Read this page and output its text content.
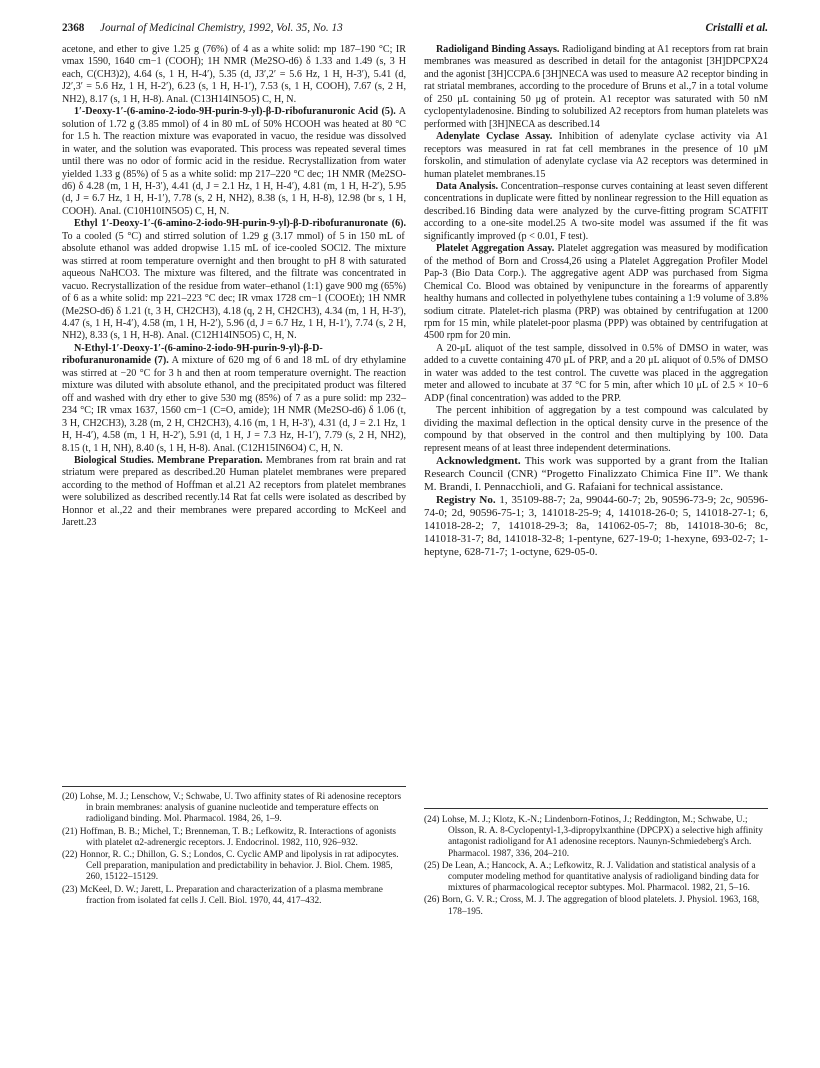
2368 Journal of Medicinal Chemistry, 1992, Vol. 35, No. 13	Cristalli et al.

acetone, and ether to give 1.25 g (76%) of 4 as a white solid: mp 187–190 °C; IR νmax 1590, 1640 cm−1 (COOH); 1H NMR (Me2SO-d6) δ 1.33 and 1.49 (s, 3 H each, C(CH3)2), 4.64 (s, 1 H, H-4′), 5.35 (d, J3′,2′ = 5.6 Hz, 1 H, H-3′), 5.41 (d, J2′,3′ = 5.6 Hz, 1 H, H-2′), 6.23 (s, 1 H, H-1′), 7.53 (s, 1 H, COOH), 7.67 (s, 2 H, NH2), 8.17 (s, 1 H, H-8). Anal. (C13H14IN5O5) C, H, N.

1′-Deoxy-1′-(6-amino-2-iodo-9H-purin-9-yl)-β-D-ribofuranuronic Acid (5). A solution of 1.72 g (3.85 mmol) of 4 in 80 mL of 50% HCOOH was heated at 80 °C for 1.5 h. The reaction mixture was evaporated in vacuo, the residue was dissolved in water, and the solution was evaporated. This process was repeated several times until there was no odor of formic acid in the residue. Recrystallization from water yielded 1.33 g (85%) of 5 as a white solid: mp 217–220 °C dec; 1H NMR (Me2SO-d6) δ 4.28 (m, 1 H, H-3′), 4.41 (d, J = 2.1 Hz, 1 H, H-4′), 4.81 (m, 1 H, H-2′), 5.95 (d, J = 6.7 Hz, 1 H, H-1′), 7.78 (s, 2 H, NH2), 8.38 (s, 1 H, H-8), 12.98 (br s, 1 H, COOH). Anal. (C10H10IN5O5) C, H, N.

Ethyl 1′-Deoxy-1′-(6-amino-2-iodo-9H-purin-9-yl)-β-D-ribofuranuronate (6). To a cooled (5 °C) and stirred solution of 1.29 g (3.17 mmol) of 5 in 150 mL of absolute ethanol was added dropwise 1.15 mL of ice-cooled SOCl2. The mixture was stirred at room temperature overnight and then brought to pH 8 with saturated aqueous NaHCO3. The mixture was filtered, and the filtrate was concentrated in vacuo. Recrystallization of the residue from water–ethanol (1:1) gave 900 mg (65%) of 6 as a white solid: mp 221–223 °C dec; IR νmax 1728 cm−1 (COOEt); 1H NMR (Me2SO-d6) δ 1.21 (t, 3 H, CH2CH3), 4.18 (q, 2 H, CH2CH3), 4.34 (m, 1 H, H-3′), 4.47 (s, 1 H, H-4′), 4.58 (m, 1 H, H-2′), 5.96 (d, J = 6.7 Hz, 1 H, H-1′), 7.74 (s, 2 H, NH2), 8.33 (s, 1 H, H-8). Anal. (C12H14IN5O5) C, H, N.

N-Ethyl-1′-Deoxy-1′-(6-amino-2-iodo-9H-purin-9-yl)-β-D-ribofuranuronamide (7). A mixture of 620 mg of 6 and 18 mL of dry ethylamine was stirred at −20 °C for 3 h and then at room temperature overnight. The reaction mixture was diluted with absolute ethanol, and the precipitated product was filtered off and washed with dry ether to give 530 mg (85%) of 7 as a pure solid: mp 232–234 °C; IR νmax 1637, 1560 cm−1 (C=O, amide); 1H NMR (Me2SO-d6) δ 1.06 (t, 3 H, CH2CH3), 3.28 (m, 2 H, CH2CH3), 4.16 (m, 1 H, H-3′), 4.31 (d, J = 2.1 Hz, 1 H, H-4′), 4.58 (m, 1 H, H-2′), 5.91 (d, 1 H, J = 7.3 Hz, H-1′), 7.79 (s, 2 H, NH2), 8.15 (t, 1 H, NH), 8.40 (s, 1 H, H-8). Anal. (C12H15IN6O4) C, H, N.

Biological Studies. Membrane Preparation. Membranes from rat brain and rat striatum were prepared as described.20 Human platelet membranes were prepared according to the method of Hoffman et al.21 A2 receptors from platelet membranes were solubilized as described recently.14 Rat fat cells were isolated as described by Honnor et al.,22 and their membranes were prepared according to McKeel and Jarett.23

Radioligand Binding Assays. Radioligand binding at A1 receptors from rat brain membranes was measured as described in detail for the antagonist [3H]DPCPX24 and the agonist [3H]CCPA.6 [3H]NECA was used to measure A2 receptor binding in rat striatal membranes, according to the procedure of Bruns et al.,7 in a total volume of 250 μL containing 50 μg of protein. A1 receptor was saturated with 50 nM cyclopentyladenosine. Binding to solubilized A2 receptors from human platelets was performed with [3H]NECA as described.14

Adenylate Cyclase Assay. Inhibition of adenylate cyclase activity via A1 receptors was measured in rat fat cell membranes in the presence of 10 μM forskolin, and stimulation of adenylate cyclase via A2 receptors was determined in human platelet membranes.15

Data Analysis. Concentration–response curves containing at least seven different concentrations in duplicate were fitted by nonlinear regression to the Hill equation as described.16 Binding data were analyzed by the curve-fitting program SCATFIT according to a one-site model.25 A two-site model was assumed if the fit was significantly improved (p < 0.01, F test).

Platelet Aggregation Assay. Platelet aggregation was measured by modification of the method of Born and Cross4,26 using a Platelet Aggregation Profiler Model Pap-3 (Bio Data Corp.). The aggregative agent ADP was purchased from Sigma Chemical Co. Blood was obtained by venipuncture in the forearms of apparently healthy humans and collected in polyethylene tubes containing a 1:9 volume of 3.8% sodium citrate. Platelet-rich plasma (PRP) was obtained by centrifugation at 1200 rpm for 15 min, while platelet-poor plasma (PPP) was obtained by centrifugation at 4500 rpm for 20 min.

A 20-μL aliquot of the test sample, dissolved in 0.5% of DMSO in water, was added to a cuvette containing 470 μL of PRP, and a 20 μL aliquot of 0.5% of DMSO in water was added to the test control. The cuvette was placed in the aggregation meter and allowed to incubate at 37 °C for 5 min, after which 10 μL of 2.5 × 10−6 ADP (final concentration) was added to the PRP.

The percent inhibition of aggregation by a test compound was calculated by dividing the maximal deflection in the optical density curve in the presence of the compound by that observed in the control and then multiplying by 100. Data represent means of at least three independent determinations.

Acknowledgment. This work was supported by a grant from the Italian Research Council (CNR) “Progetto Finalizzato Chimica Fine II”. We thank M. Brandi, I. Pennacchioli, and G. Rafaiani for technical assistance.

Registry No. 1, 35109-88-7; 2a, 99044-60-7; 2b, 90596-73-9; 2c, 90596-74-0; 2d, 90596-75-1; 3, 141018-25-9; 4, 141018-26-0; 5, 141018-27-1; 6, 141018-28-2; 7, 141018-29-3; 8a, 141062-05-7; 8b, 141018-30-6; 8c, 141018-31-7; 8d, 141018-32-8; 1-pentyne, 627-19-0; 1-hexyne, 693-02-7; 1-heptyne, 628-71-7; 1-octyne, 629-05-0.

(20) Lohse, M. J.; Lenschow, V.; Schwabe, U. Two affinity states of Ri adenosine receptors in brain membranes: analysis of guanine nucleotide and temperature effects on radioligand binding. Mol. Pharmacol. 1984, 26, 1–9.

(21) Hoffman, B. B.; Michel, T.; Brenneman, T. B.; Lefkowitz, R. Interactions of agonists with platelet α2-adrenergic receptors. J. Endocrinol. 1982, 110, 926–932.

(22) Honnor, R. C.; Dhillon, G. S.; Londos, C. Cyclic AMP and lipolysis in rat adipocytes. Cell preparation, manipulation and predictability in behavior. J. Biol. Chem. 1985, 260, 15122–15129.

(23) McKeel, D. W.; Jarett, L. Preparation and characterization of a plasma membrane fraction from isolated fat cells J. Cell. Biol. 1970, 44, 417–432.

(24) Lohse, M. J.; Klotz, K.-N.; Lindenborn-Fotinos, J.; Reddington, M.; Schwabe, U.; Olsson, R. A. 8-Cyclopentyl-1,3-dipropylxanthine (DPCPX) a selective high affinity antagonist radioligand for A1 adenosine receptors. Naunyn-Schmiedeberg's Arch. Pharmacol. 1987, 336, 204–210.

(25) De Lean, A.; Hancock, A. A.; Lefkowitz, R. J. Validation and statistical analysis of a computer modeling method for quantitative analysis of radioligand binding data for mixtures of pharmacological receptor subtypes. Mol. Pharmacol. 1982, 21, 5–16.

(26) Born, G. V. R.; Cross, M. J. The aggregation of blood platelets. J. Physiol. 1963, 168, 178–195.
